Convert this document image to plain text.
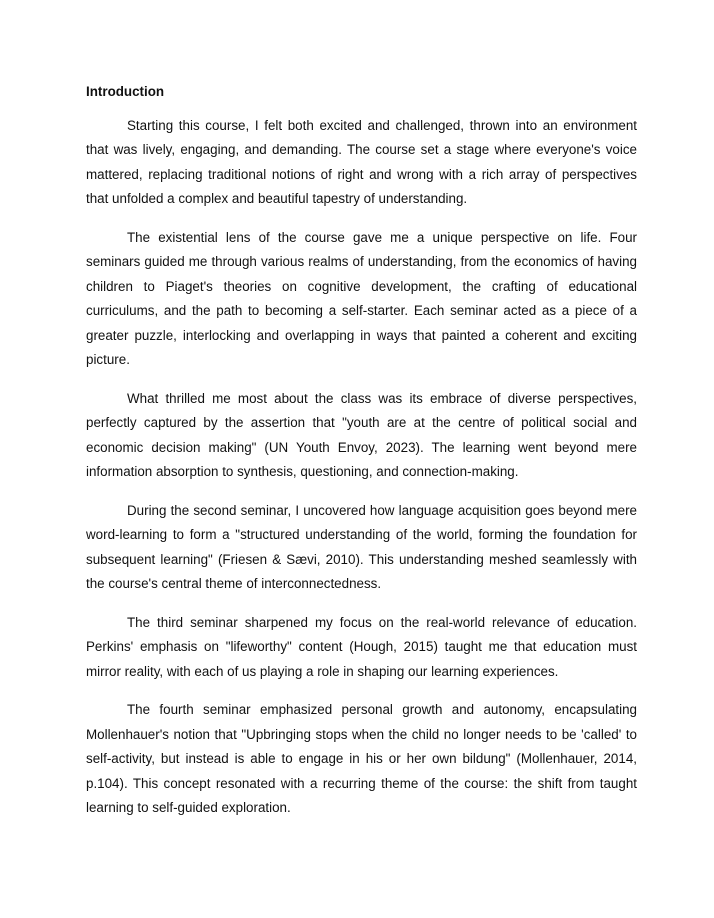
Introduction

Starting this course, I felt both excited and challenged, thrown into an environment that was lively, engaging, and demanding. The course set a stage where everyone's voice mattered, replacing traditional notions of right and wrong with a rich array of perspectives that unfolded a complex and beautiful tapestry of understanding.

The existential lens of the course gave me a unique perspective on life. Four seminars guided me through various realms of understanding, from the economics of having children to Piaget's theories on cognitive development, the crafting of educational curriculums, and the path to becoming a self-starter. Each seminar acted as a piece of a greater puzzle, interlocking and overlapping in ways that painted a coherent and exciting picture.

What thrilled me most about the class was its embrace of diverse perspectives, perfectly captured by the assertion that "youth are at the centre of political social and economic decision making" (UN Youth Envoy, 2023). The learning went beyond mere information absorption to synthesis, questioning, and connection-making.

During the second seminar, I uncovered how language acquisition goes beyond mere word-learning to form a "structured understanding of the world, forming the foundation for subsequent learning" (Friesen & Sævi, 2010). This understanding meshed seamlessly with the course's central theme of interconnectedness.

The third seminar sharpened my focus on the real-world relevance of education. Perkins' emphasis on "lifeworthy" content (Hough, 2015) taught me that education must mirror reality, with each of us playing a role in shaping our learning experiences.

The fourth seminar emphasized personal growth and autonomy, encapsulating Mollenhauer's notion that "Upbringing stops when the child no longer needs to be 'called' to self-activity, but instead is able to engage in his or her own bildung" (Mollenhauer, 2014, p.104). This concept resonated with a recurring theme of the course: the shift from taught learning to self-guided exploration.
